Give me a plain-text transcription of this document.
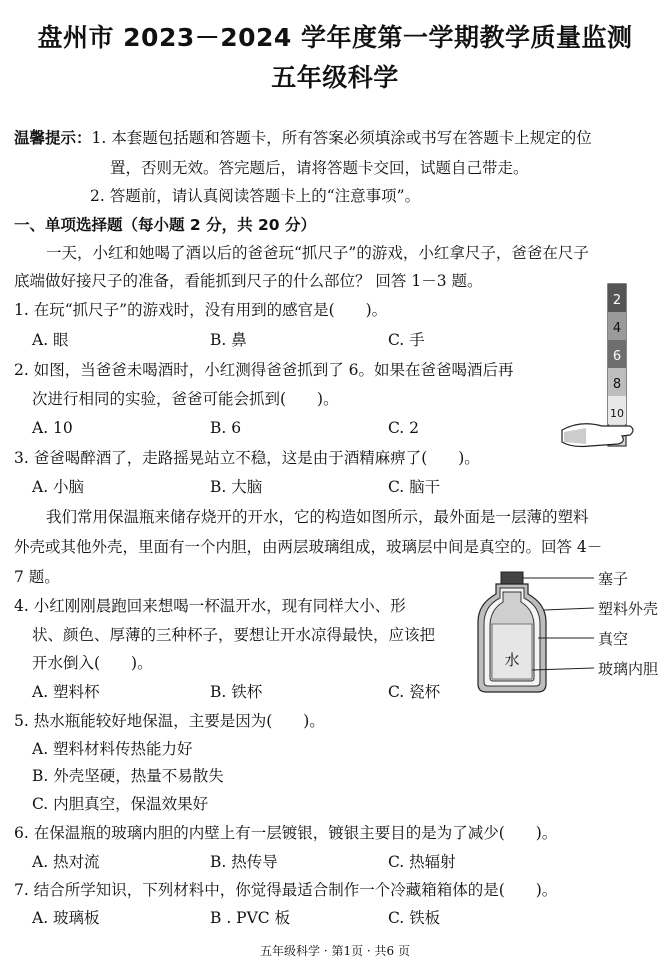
盘州市 2023－2024 学年度第一学期教学质量监测
五年级科学
温馨提示：1. 本套题包括题和答题卡，所有答案必须填涂或书写在答题卡上规定的位
置，否则无效。答完题后，请将答题卡交回，试题自己带走。
2. 答题前，请认真阅读答题卡上的“注意事项”。
一、单项选择题（每小题 2 分，共 20 分）
一天，小红和她喝了酒以后的爸爸玩“抓尺子”的游戏，小红拿尺子，爸爸在尺子
底端做好接尺子的准备，看能抓到尺子的什么部位？ 回答 1－3 题。
1. 在玩“抓尺子”的游戏时，没有用到的感官是(　　)。
A. 眼	B. 鼻	C. 手
2. 如图，当爸爸未喝酒时，小红测得爸爸抓到了 6。如果在爸爸喝酒后再
次进行相同的实验，爸爸可能会抓到(　　)。
A. 10	B. 6	C. 2
3. 爸爸喝醉酒了，走路摇晃站立不稳，这是由于酒精麻痹了(　　)。
A. 小脑	B. 大脑	C. 脑干
2
4
6
8
10
我们常用保温瓶来储存烧开的开水，它的构造如图所示，最外面是一层薄的塑料
外壳或其他外壳，里面有一个内胆，由两层玻璃组成，玻璃层中间是真空的。回答 4－
7 题。
4. 小红刚刚晨跑回来想喝一杯温开水，现有同样大小、形
状、颜色、厚薄的三种杯子，要想让开水凉得最快，应该把
开水倒入(　　)。
A. 塑料杯	B. 铁杯	C. 瓷杯
水
塞子
塑料外壳
真空
玻璃内胆
5. 热水瓶能较好地保温，主要是因为(　　)。
A. 塑料材料传热能力好
B. 外壳坚硬，热量不易散失
C. 内胆真空，保温效果好
6. 在保温瓶的玻璃内胆的内壁上有一层镀银，镀银主要目的是为了减少(　　)。
A. 热对流	B. 热传导	C. 热辐射
7. 结合所学知识，下列材料中，你觉得最适合制作一个冷藏箱箱体的是(　　)。
A. 玻璃板	B . PVC 板	C. 铁板
五年级科学 · 第1页 · 共6 页
